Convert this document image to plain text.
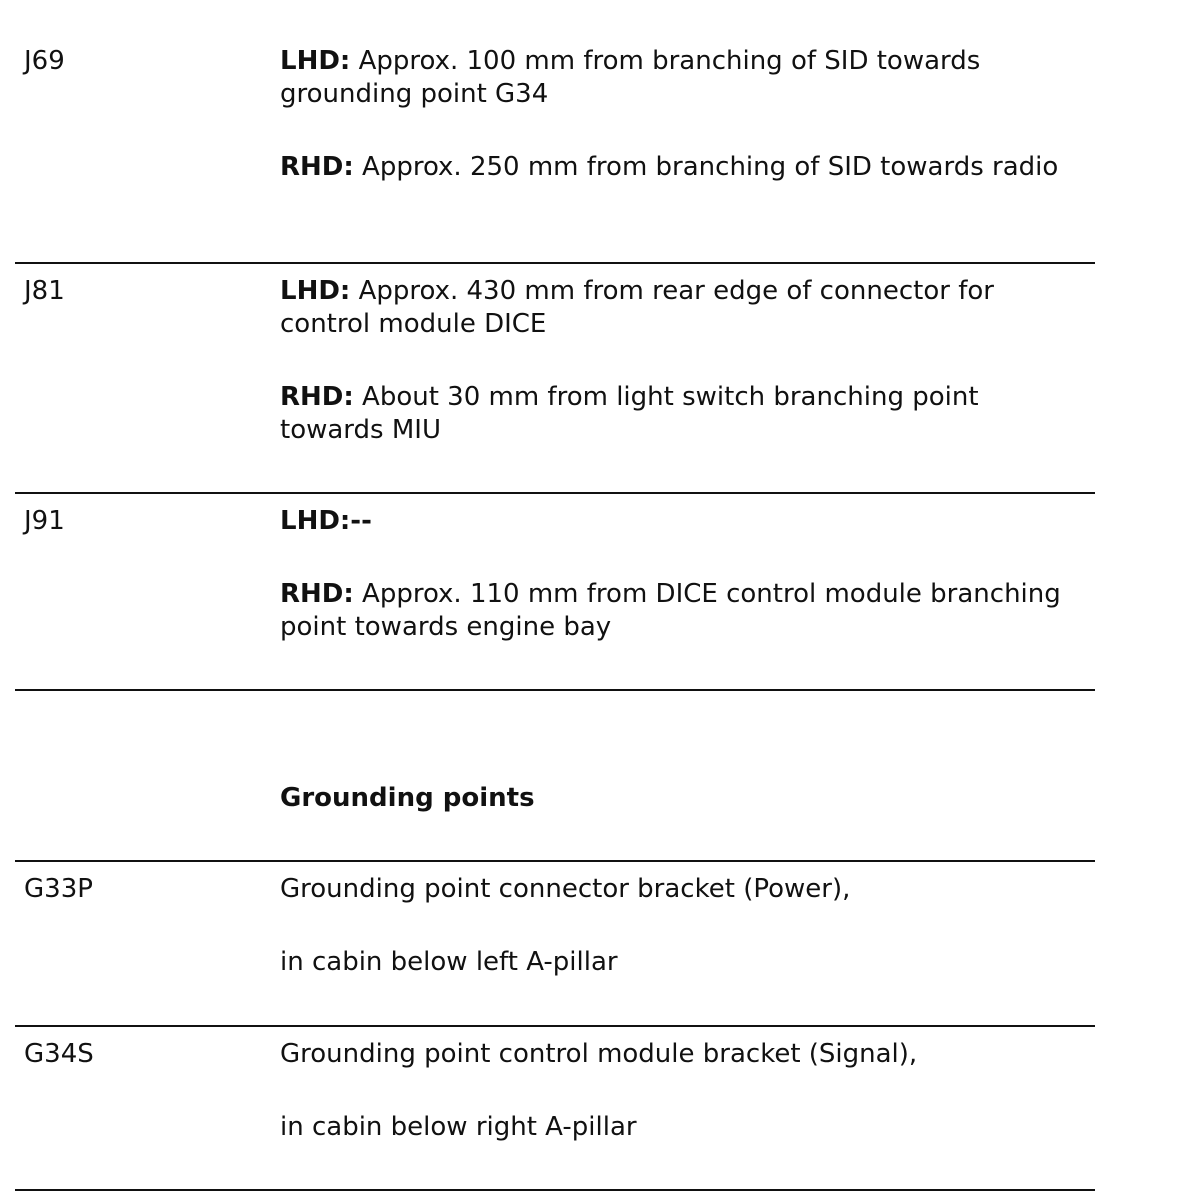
J69	LHD: Approx. 100 mm from branching of SID towards grounding point G34
RHD: Approx. 250 mm from branching of SID towards radio
J81	LHD: Approx. 430 mm from rear edge of connector for control module DICE
RHD: About 30 mm from light switch branching point towards MIU
J91	LHD:--
RHD: Approx. 110 mm from DICE control module branching point towards engine bay
Grounding points
G33P	Grounding point connector bracket (Power),
in cabin below left A-pillar
G34S	Grounding point control module bracket (Signal),
in cabin below right A-pillar
